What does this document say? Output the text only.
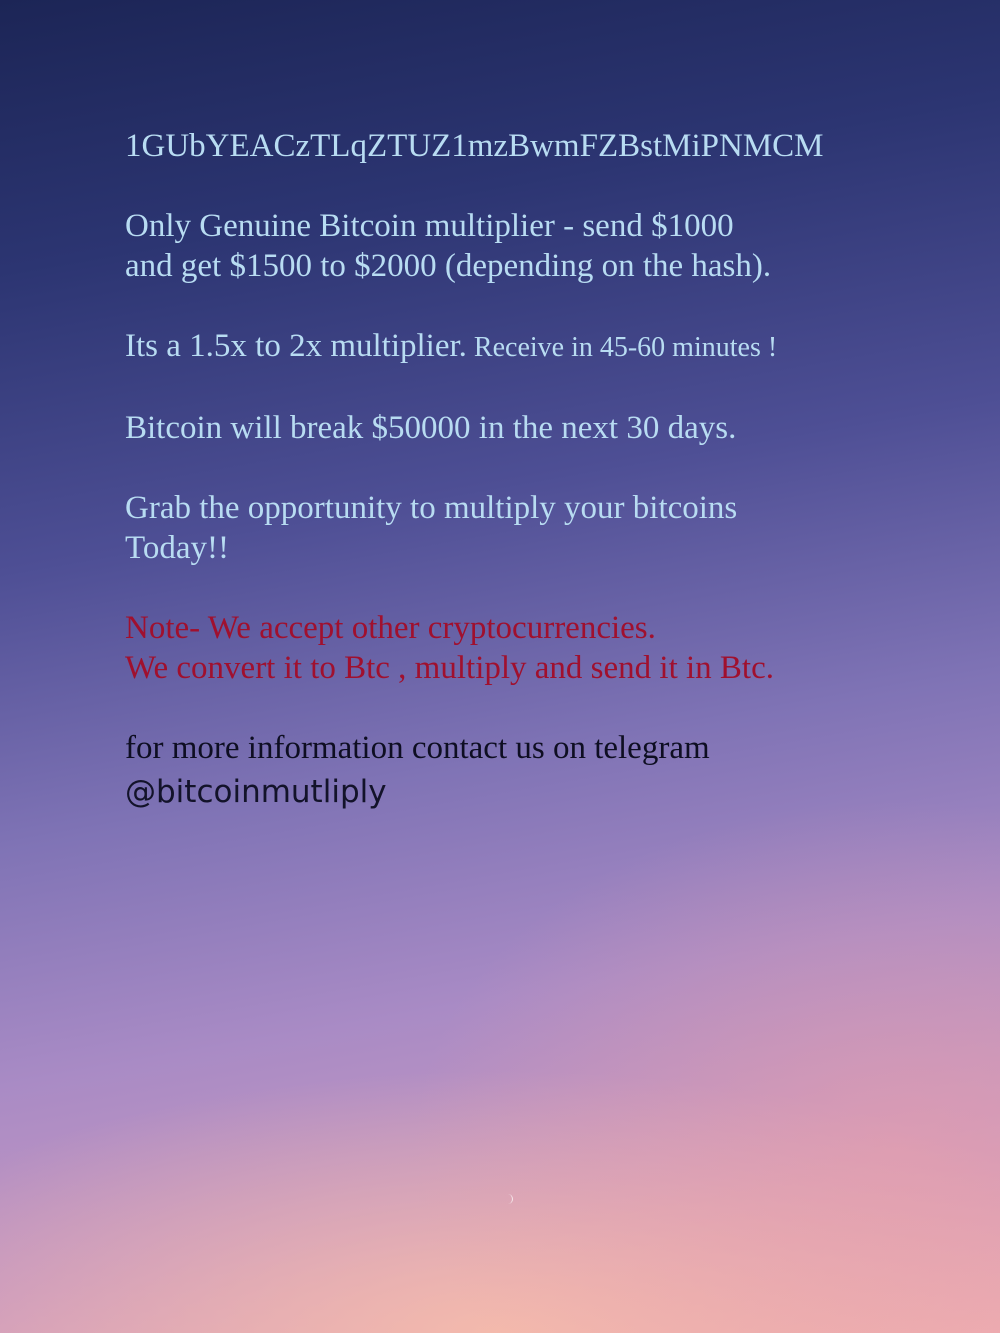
1GUbYEACzTLqZTUZ1mzBwmFZBstMiPNMCM

Only Genuine Bitcoin multiplier - send $1000
and get $1500 to $2000 (depending on the hash).

Its a 1.5x to 2x multiplier. Receive in 45-60 minutes !

Bitcoin will break $50000 in the next 30 days.

Grab the opportunity to multiply your bitcoins
Today!!

Note- We accept other cryptocurrencies.
We convert it to Btc , multiply and send it in Btc.

for more information contact us on telegram
@bitcoinmutliply
